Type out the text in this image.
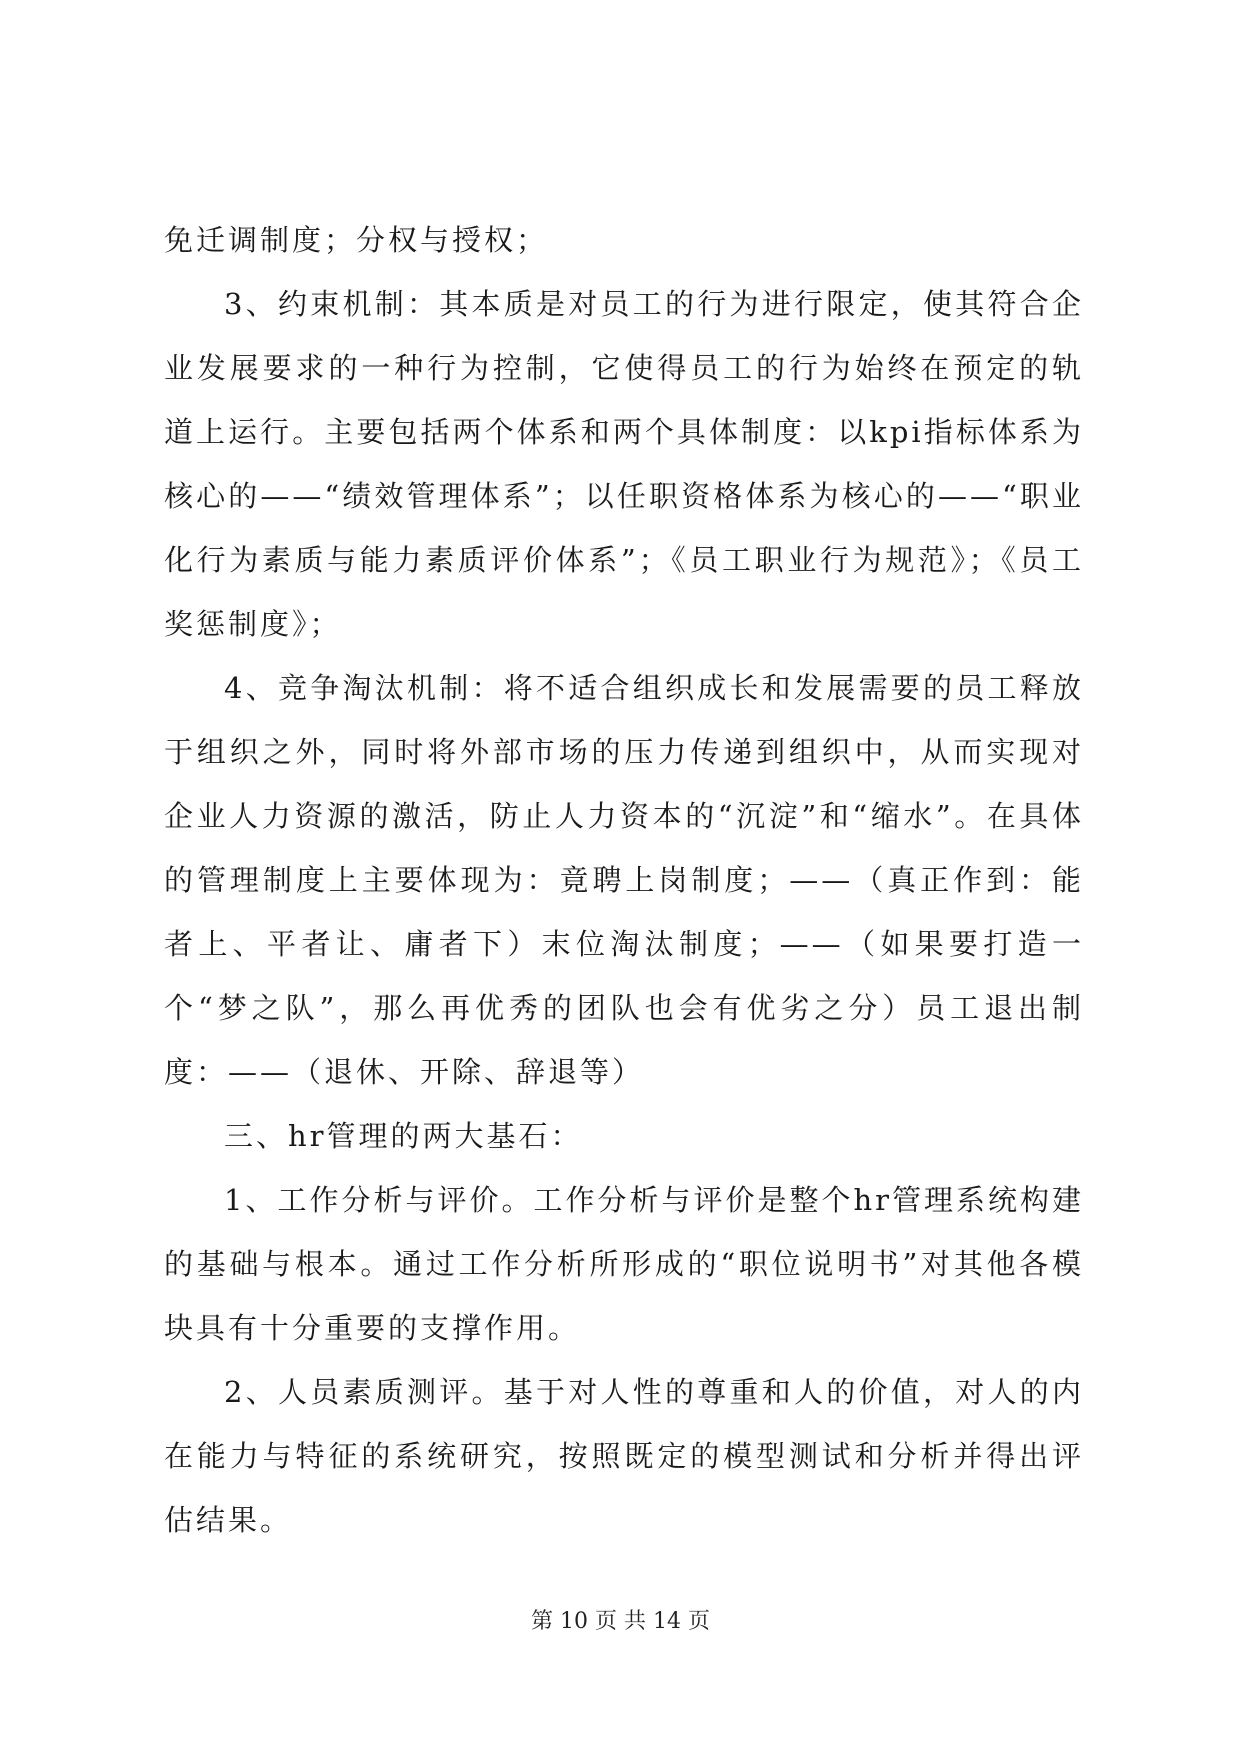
免迁调制度；分权与授权；

3、约束机制：其本质是对员工的行为进行限定，使其符合企业发展要求的一种行为控制，它使得员工的行为始终在预定的轨道上运行。主要包括两个体系和两个具体制度：以kpi指标体系为核心的——“绩效管理体系”；以任职资格体系为核心的——“职业化行为素质与能力素质评价体系”；《员工职业行为规范》；《员工奖惩制度》；

4、竞争淘汰机制：将不适合组织成长和发展需要的员工释放于组织之外，同时将外部市场的压力传递到组织中，从而实现对企业人力资源的激活，防止人力资本的“沉淀”和“缩水”。在具体的管理制度上主要体现为：竟聘上岗制度；——（真正作到：能者上、平者让、庸者下）末位淘汰制度；——（如果要打造一个“梦之队”，那么再优秀的团队也会有优劣之分）员工退出制度：——（退休、开除、辞退等）

三、hr管理的两大基石：

1、工作分析与评价。工作分析与评价是整个hr管理系统构建的基础与根本。通过工作分析所形成的“职位说明书”对其他各模块具有十分重要的支撑作用。

2、人员素质测评。基于对人性的尊重和人的价值，对人的内在能力与特征的系统研究，按照既定的模型测试和分析并得出评估结果。

第 10 页 共 14 页
